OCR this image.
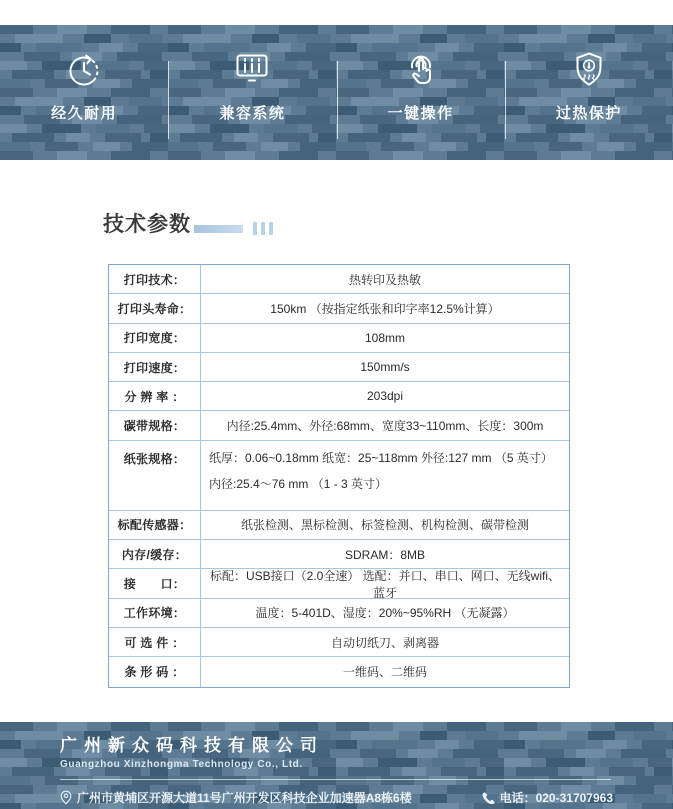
经久耐用	兼容系统	一键操作	过热保护
技术参数
打印技术：	热转印及热敏
打印头寿命：	150km （按指定纸张和印字率12.5%计算）
打印宽度：	108mm
打印速度：	150mm/s
分 辨 率 ：	203dpi
碳带规格：	内径:25.4mm、外径:68mm、宽度33~110mm、长度：300m
纸张规格：	纸厚：0.06~0.18mm 纸宽：25~118mm 外径:127 mm （5 英寸）
内径:25.4～76 mm （1 - 3 英寸）
标配传感器：	纸张检测、黑标检测、标签检测、机构检测、碳带检测
内存/缓存：	SDRAM：8MB
接　　口：
标配：USB接口（2.0全速） 选配：并口、串口、网口、无线wifi、蓝牙
工作环境：	温度：5-401D、湿度：20%~95%RH （无凝露）
可 选 件 ：	自动切纸刀、剥离器
条 形 码 ：	一维码、二维码
广州新众码科技有限公司
Guangzhou Xinzhongma Technology Co., Ltd.
广州市黄埔区开源大道11号广州开发区科技企业加速器A8栋6楼	电话：020-31707963
